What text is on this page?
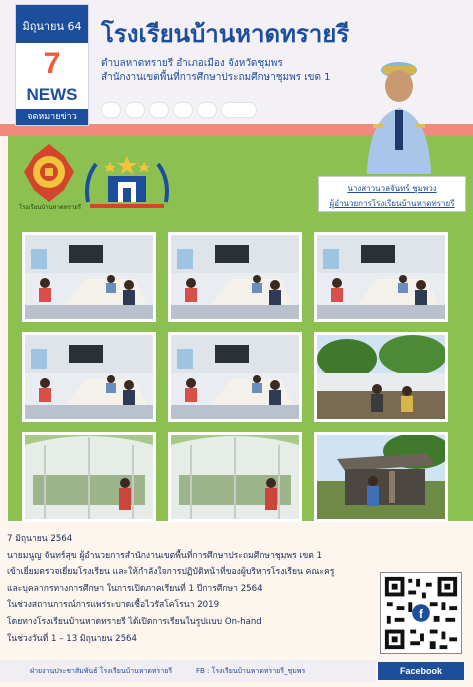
มิถุนายน 64
7
NEWS
จดหมายข่าว
โรงเรียนบ้านหาดทรายรี
ตำบลหาดทรายรี อำเภอเมือง จังหวัดชุมพร
สำนักงานเขตพื้นที่การศึกษาประถมศึกษาชุมพร เขต 1
โรงเรียนบ้านหาดทรายรี
นางสาวนวลจันทร์ ชุมพวง
ผู้อำนวยการโรงเรียนบ้านหาดทรายรี
7 มิถุนายน 2564
นายมนูญ จันทร์สุข ผู้อำนวยการสำนักงานเขตพื้นที่การศึกษาประถมศึกษาชุมพร เขต 1
เข้าเยี่ยมตรวจเยี่ยมโรงเรียน และให้กำลังใจการปฏิบัติหน้าที่ของผู้บริหารโรงเรียน คณะครู
และบุคลากรทางการศึกษา ในการเปิดภาคเรียนที่ 1 ปีการศึกษา 2564
ในช่วงสถานการณ์การแพร่ระบาดเชื้อไวรัสโคโรนา 2019
โดยทางโรงเรียนบ้านหาดทรายรี ได้เปิดการเรียนในรูปแบบ On-hand
ในช่วงวันที่ 1 – 13 มิถุนายน 2564
f
Facebook
ฝ่ายงานประชาสัมพันธ์ โรงเรียนบ้านหาดทรายรี	FB : โรงเรียนบ้านหาดทรายรี_ชุมพร
